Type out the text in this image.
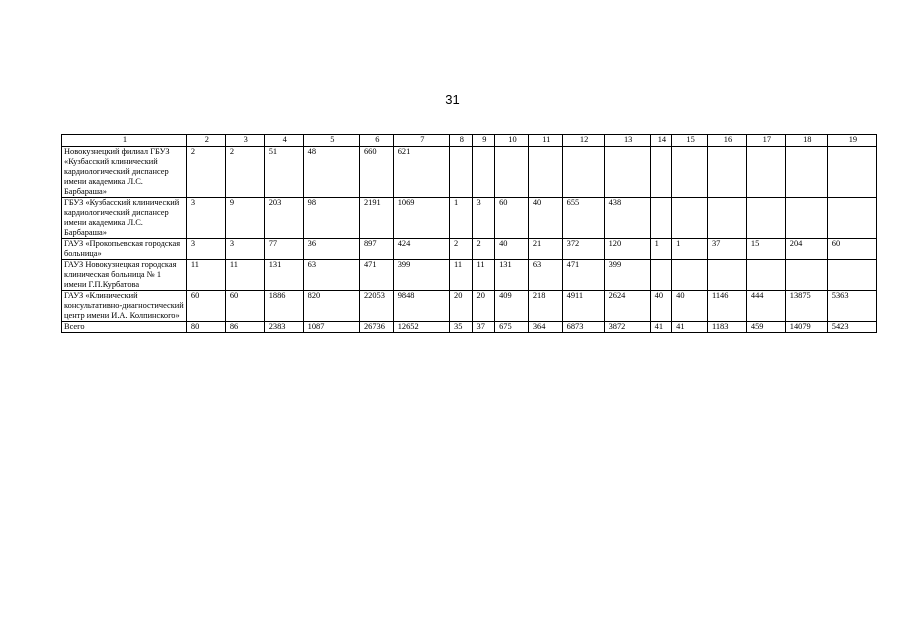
31
1	2	3	4	5	6	7	8	9	10	11	12	13	14	15	16	17	18	19
Новокузнецкий филиал ГБУЗ «Кузбасский клинический кардиологический диспансер имени академика Л.С. Барбараша»	2	2	51	48	660	621												
ГБУЗ «Кузбасский клинический кардиологический диспансер имени академика Л.С. Барбараша»	3	9	203	98	2191	1069	1	3	60	40	655	438						
ГАУЗ «Прокопьевская городская больница»	3	3	77	36	897	424	2	2	40	21	372	120	1	1	37	15	204	60
ГАУЗ Новокузнецкая городская клиническая больница № 1 имени Г.П.Курбатова	11	11	131	63	471	399	11	11	131	63	471	399						
ГАУЗ «Клинический консультативно-диагностический центр имени И.А. Колпинского»	60	60	1886	820	22053	9848	20	20	409	218	4911	2624	40	40	1146	444	13875	5363
Всего	80	86	2383	1087	26736	12652	35	37	675	364	6873	3872	41	41	1183	459	14079	5423
